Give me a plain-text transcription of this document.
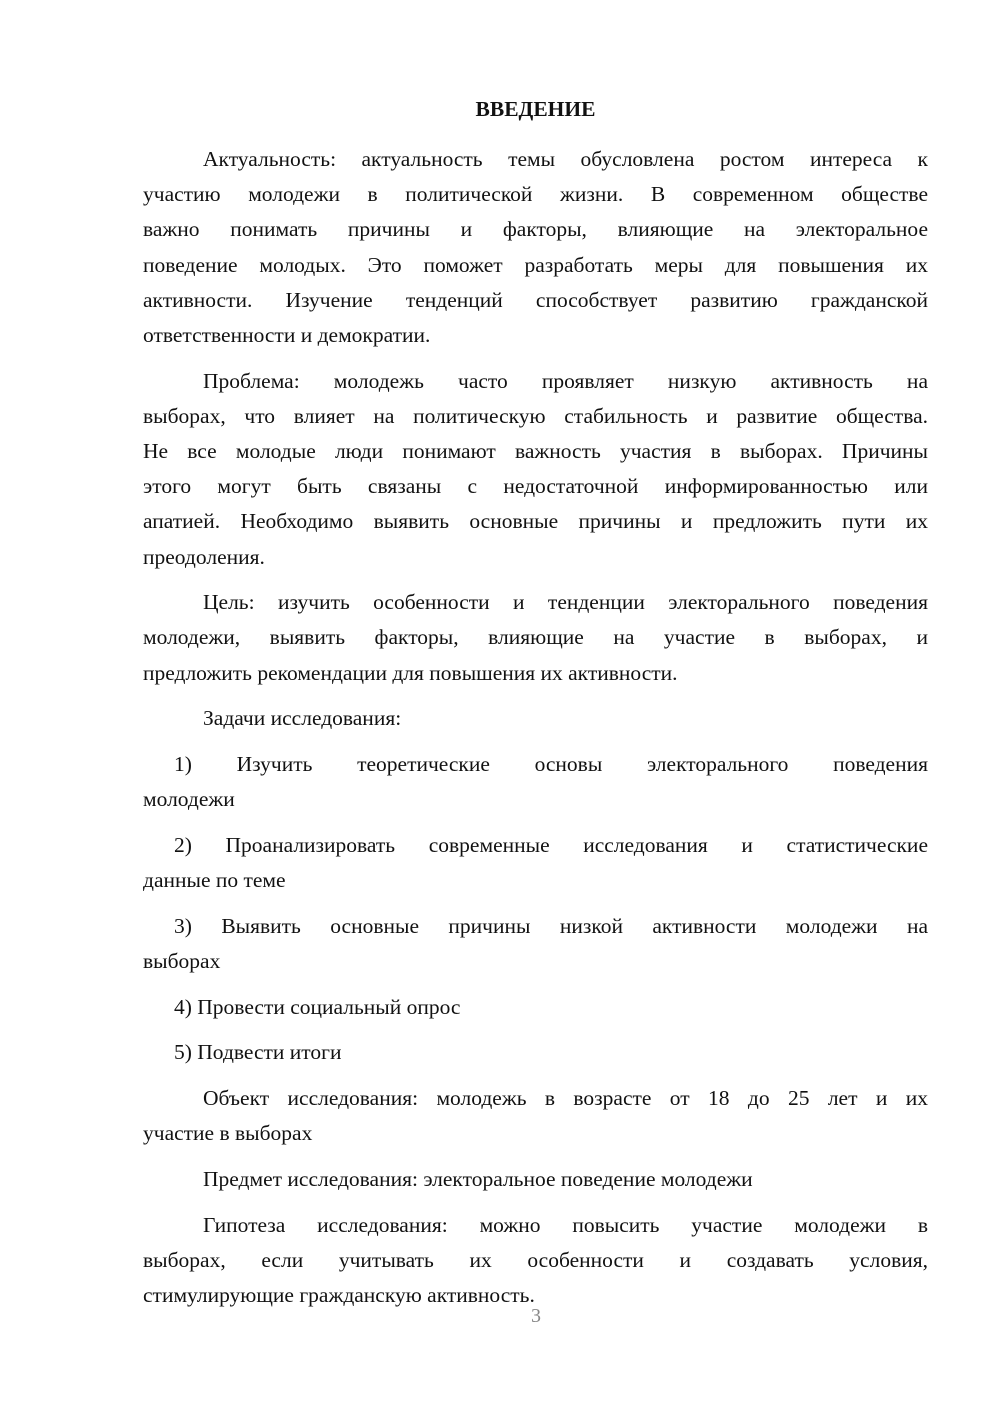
ВВЕДЕНИЕ
Актуальность: актуальность темы обусловлена ростом интереса к
участию молодежи в политической жизни. В современном обществе
важно понимать причины и факторы, влияющие на электоральное
поведение молодых. Это поможет разработать меры для повышения их
активности. Изучение тенденций способствует развитию гражданской
ответственности и демократии.
Проблема: молодежь часто проявляет низкую активность на
выборах, что влияет на политическую стабильность и развитие общества.
Не все молодые люди понимают важность участия в выборах. Причины
этого могут быть связаны с недостаточной информированностью или
апатией. Необходимо выявить основные причины и предложить пути их
преодоления.
Цель: изучить особенности и тенденции электорального поведения
молодежи, выявить факторы, влияющие на участие в выборах, и
предложить рекомендации для повышения их активности.
Задачи исследования:
1) Изучить теоретические основы электорального поведения
молодежи
2) Проанализировать современные исследования и статистические
данные по теме
3) Выявить основные причины низкой активности молодежи на
выборах
4) Провести социальный опрос
5) Подвести итоги
Объект исследования: молодежь в возрасте от 18 до 25 лет и их
участие в выборах
Предмет исследования: электоральное поведение молодежи
Гипотеза исследования: можно повысить участие молодежи в
выборах, если учитывать их особенности и создавать условия,
стимулирующие гражданскую активность.
3
